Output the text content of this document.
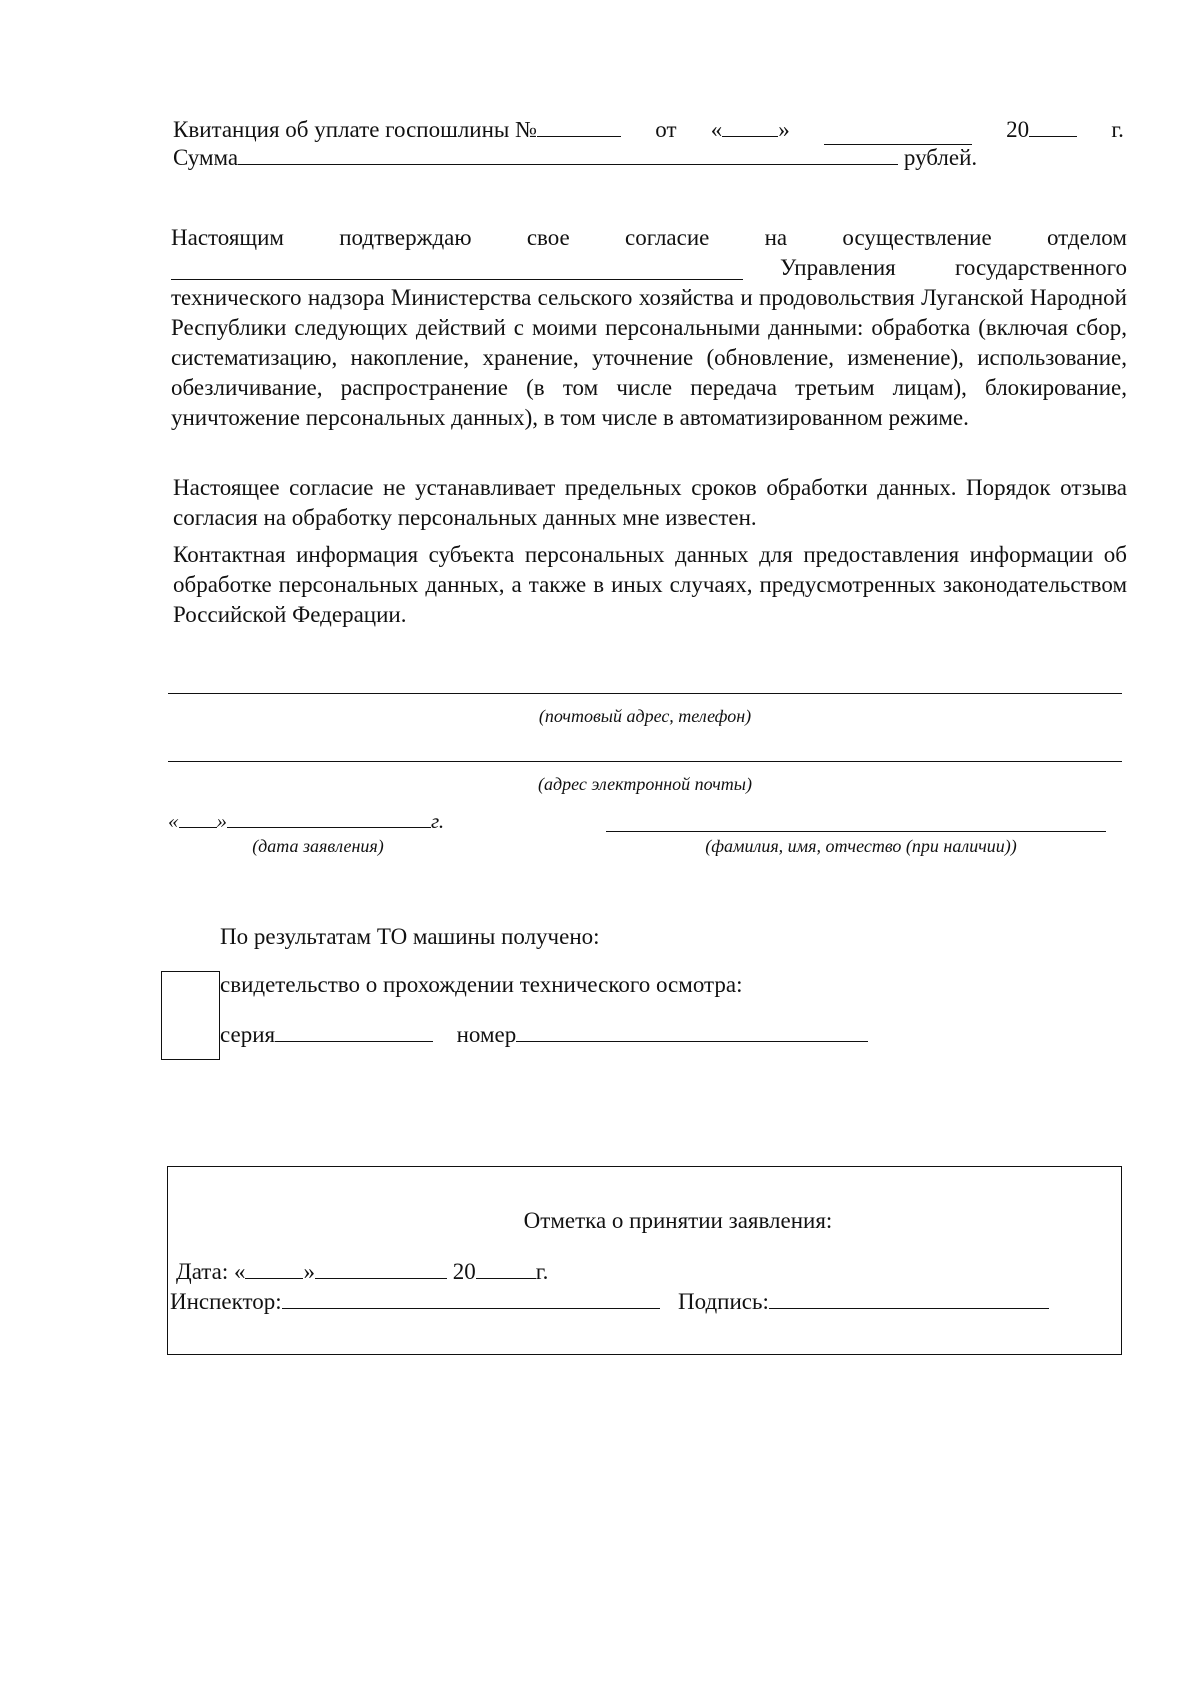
Квитанция об уплате госпошлины №	от « »	20	г.
Сумма	рублей.
Настоящим подтверждаю свое согласие на осуществление отделом
Управления	государственного
технического надзора Министерства сельского хозяйства и продовольствия Луганской Народной Республики следующих действий с моими персональными данными: обработка (включая сбор, систематизацию, накопление, хранение, уточнение (обновление, изменение), использование, обезличивание, распространение (в том числе передача третьим лицам), блокирование, уничтожение персональных данных), в том числе в автоматизированном режиме.
Настоящее согласие не устанавливает предельных сроков обработки данных. Порядок отзыва согласия на обработку персональных данных мне известен.
Контактная информация субъекта персональных данных для предоставления информации об обработке персональных данных, а также в иных случаях, предусмотренных законодательством Российской Федерации.
(почтовый адрес, телефон)
(адрес электронной почты)
« »	г.
(дата заявления)	(фамилия, имя, отчество (при наличии))
По результатам ТО машины получено:
свидетельство о прохождении технического осмотра:
серия	номер
Отметка о принятии заявления:
Дата: «	»	20	г.
Инспектор:	Подпись:
